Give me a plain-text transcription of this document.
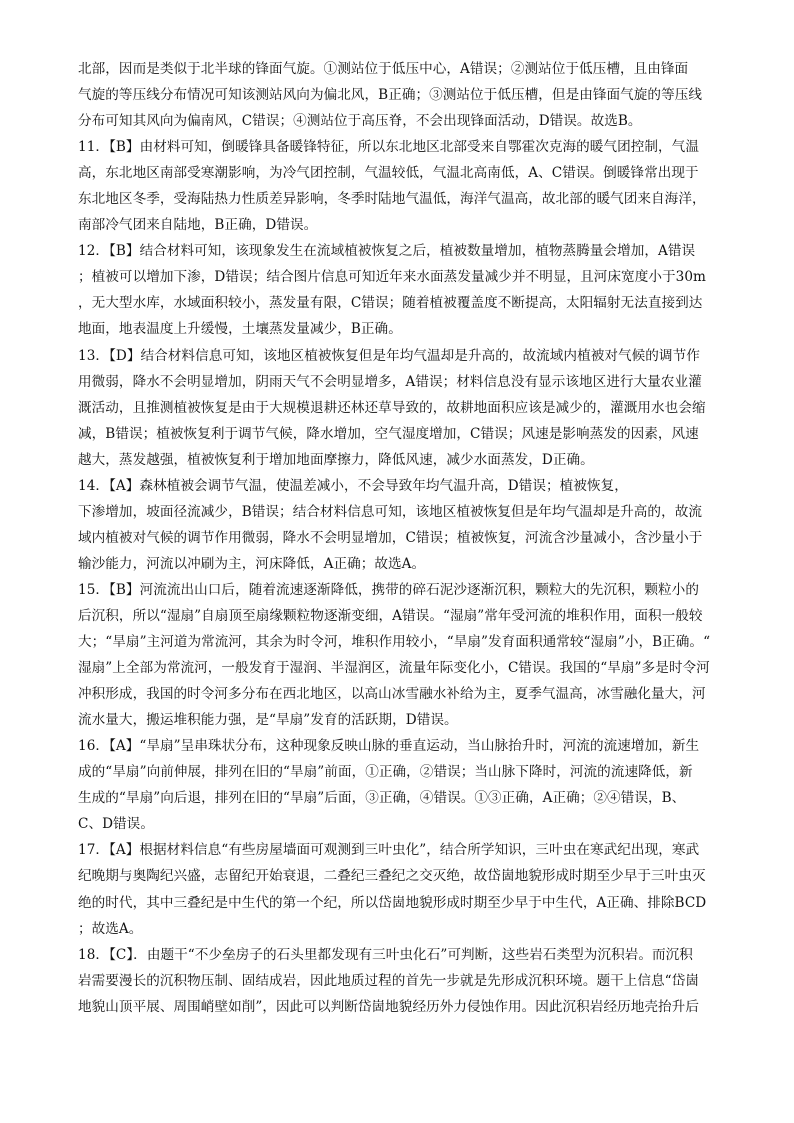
北部，因而是类似于北半球的锋面气旋。①测站位于低压中心，A错误；②测站位于低压槽，且由锋面
气旋的等压线分布情况可知该测站风向为偏北风，B正确；③测站位于低压槽，但是由锋面气旋的等压线
分布可知其风向为偏南风，C错误；④测站位于高压脊，不会出现锋面活动，D错误。故选B。
11．【B】由材料可知，倒暖锋具备暖锋特征，所以东北地区北部受来自鄂霍次克海的暖气团控制，气温
高，东北地区南部受寒潮影响，为冷气团控制，气温较低，气温北高南低，A、C错误。倒暖锋常出现于
东北地区冬季，受海陆热力性质差异影响，冬季时陆地气温低，海洋气温高，故北部的暖气团来自海洋，
南部冷气团来自陆地，B正确，D错误。
12．【B】结合材料可知，该现象发生在流域植被恢复之后，植被数量增加，植物蒸腾量会增加，A错误
；植被可以增加下渗，D错误；结合图片信息可知近年来水面蒸发量减少并不明显，且河床宽度小于30m
，无大型水库，水域面积较小，蒸发量有限，C错误；随着植被覆盖度不断提高，太阳辐射无法直接到达
地面，地表温度上升缓慢，土壤蒸发量减少，B正确。
13．【D】结合材料信息可知，该地区植被恢复但是年均气温却是升高的，故流域内植被对气候的调节作
用微弱，降水不会明显增加，阴雨天气不会明显增多，A错误；材料信息没有显示该地区进行大量农业灌
溉活动，且推测植被恢复是由于大规模退耕还林还草导致的，故耕地面积应该是减少的，灌溉用水也会缩
减，B错误；植被恢复利于调节气候，降水增加，空气湿度增加，C错误；风速是影响蒸发的因素，风速
越大，蒸发越强，植被恢复利于增加地面摩擦力，降低风速，减少水面蒸发，D正确。
14．【A】森林植被会调节气温，使温差减小，不会导致年均气温升高，D错误；植被恢复，
下渗增加，坡面径流减少，B错误；结合材料信息可知，该地区植被恢复但是年均气温却是升高的，故流
域内植被对气候的调节作用微弱，降水不会明显增加，C错误；植被恢复，河流含沙量减小，含沙量小于
输沙能力，河流以冲刷为主，河床降低，A正确；故选A。
15．【B】河流流出山口后，随着流速逐渐降低，携带的碎石泥沙逐渐沉积，颗粒大的先沉积，颗粒小的
后沉积，所以“湿扇”自扇顶至扇缘颗粒物逐渐变细，A错误。“湿扇”常年受河流的堆积作用，面积一般较
大；“旱扇”主河道为常流河，其余为时令河，堆积作用较小，“旱扇”发育面积通常较“湿扇”小，B正确。“
湿扇”上全部为常流河，一般发育于湿润、半湿润区，流量年际变化小，C错误。我国的“旱扇”多是时令河
冲积形成，我国的时令河多分布在西北地区，以高山冰雪融水补给为主，夏季气温高，冰雪融化量大，河
流水量大，搬运堆积能力强，是“旱扇”发育的活跃期，D错误。
16．【A】“旱扇”呈串珠状分布，这种现象反映山脉的垂直运动，当山脉抬升时，河流的流速增加，新生
成的“旱扇”向前伸展，排列在旧的“旱扇”前面，①正确，②错误；当山脉下降时，河流的流速降低，新
生成的“旱扇”向后退，排列在旧的“旱扇”后面，③正确，④错误。①③正确，A正确；②④错误，B、
C、D错误。
17．【A】根据材料信息“有些房屋墙面可观测到三叶虫化”，结合所学知识，三叶虫在寒武纪出现，寒武
纪晚期与奥陶纪兴盛，志留纪开始衰退，二叠纪三叠纪之交灭绝，故岱崮地貌形成时期至少早于三叶虫灭
绝的时代，其中三叠纪是中生代的第一个纪，所以岱崮地貌形成时期至少早于中生代，A正确、排除BCD
；故选A。
18．【C】．由题干“不少垒房子的石头里都发现有三叶虫化石”可判断，这些岩石类型为沉积岩。而沉积
岩需要漫长的沉积物压制、固结成岩，因此地质过程的首先一步就是先形成沉积环境。题干上信息“岱崮
地貌山顶平展、周围峭壁如削”，因此可以判断岱崮地貌经历外力侵蚀作用。因此沉积岩经历地壳抬升后
